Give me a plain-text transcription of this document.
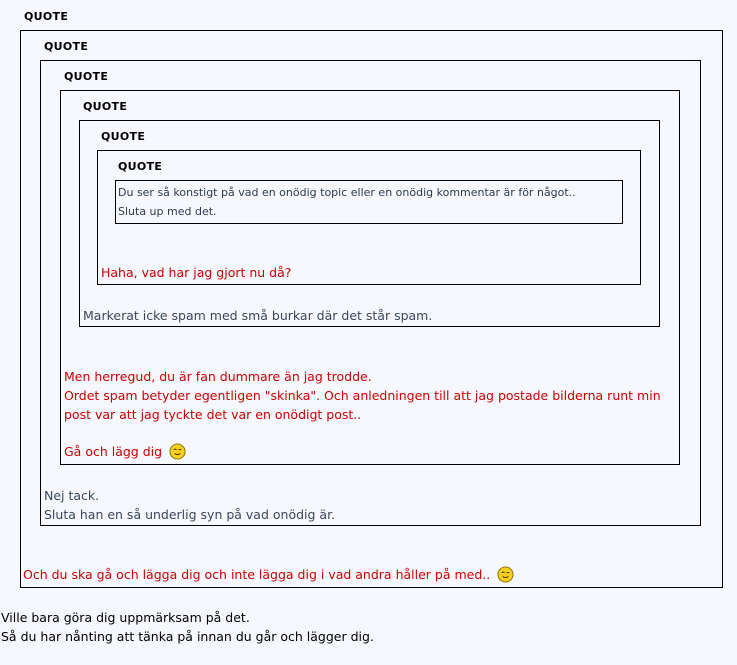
QUOTE
QUOTE
QUOTE
QUOTE
QUOTE
QUOTE
Du ser så konstigt på vad en onödig topic eller en onödig kommentar är för något..
Sluta up med det.
Haha, vad har jag gjort nu då?
Markerat icke spam med små burkar där det står spam.
Men herregud, du är fan dummare än jag trodde.
Ordet spam betyder egentligen "skinka". Och anledningen till att jag postade bilderna runt min
post var att jag tyckte det var en onödigt post..
Gå och lägg dig
Nej tack.
Sluta han en så underlig syn på vad onödig är.
Och du ska gå och lägga dig och inte lägga dig i vad andra håller på med..
Ville bara göra dig uppmärksam på det.
Så du har nånting att tänka på innan du går och lägger dig.
